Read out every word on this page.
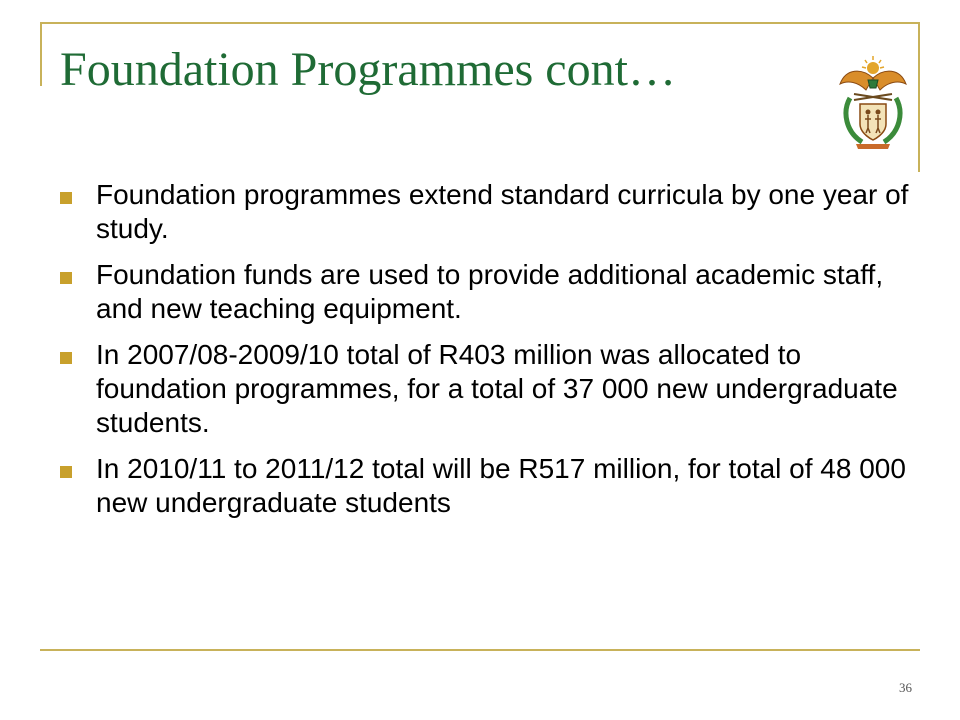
Foundation Programmes cont…
Foundation programmes extend standard curricula by one year of study.
Foundation funds are used to provide additional academic staff, and new teaching equipment.
In 2007/08-2009/10 total of R403 million was allocated to foundation programmes, for a total of 37 000 new undergraduate students.
In 2010/11 to 2011/12 total will be R517 million, for total of 48 000 new undergraduate students
36
